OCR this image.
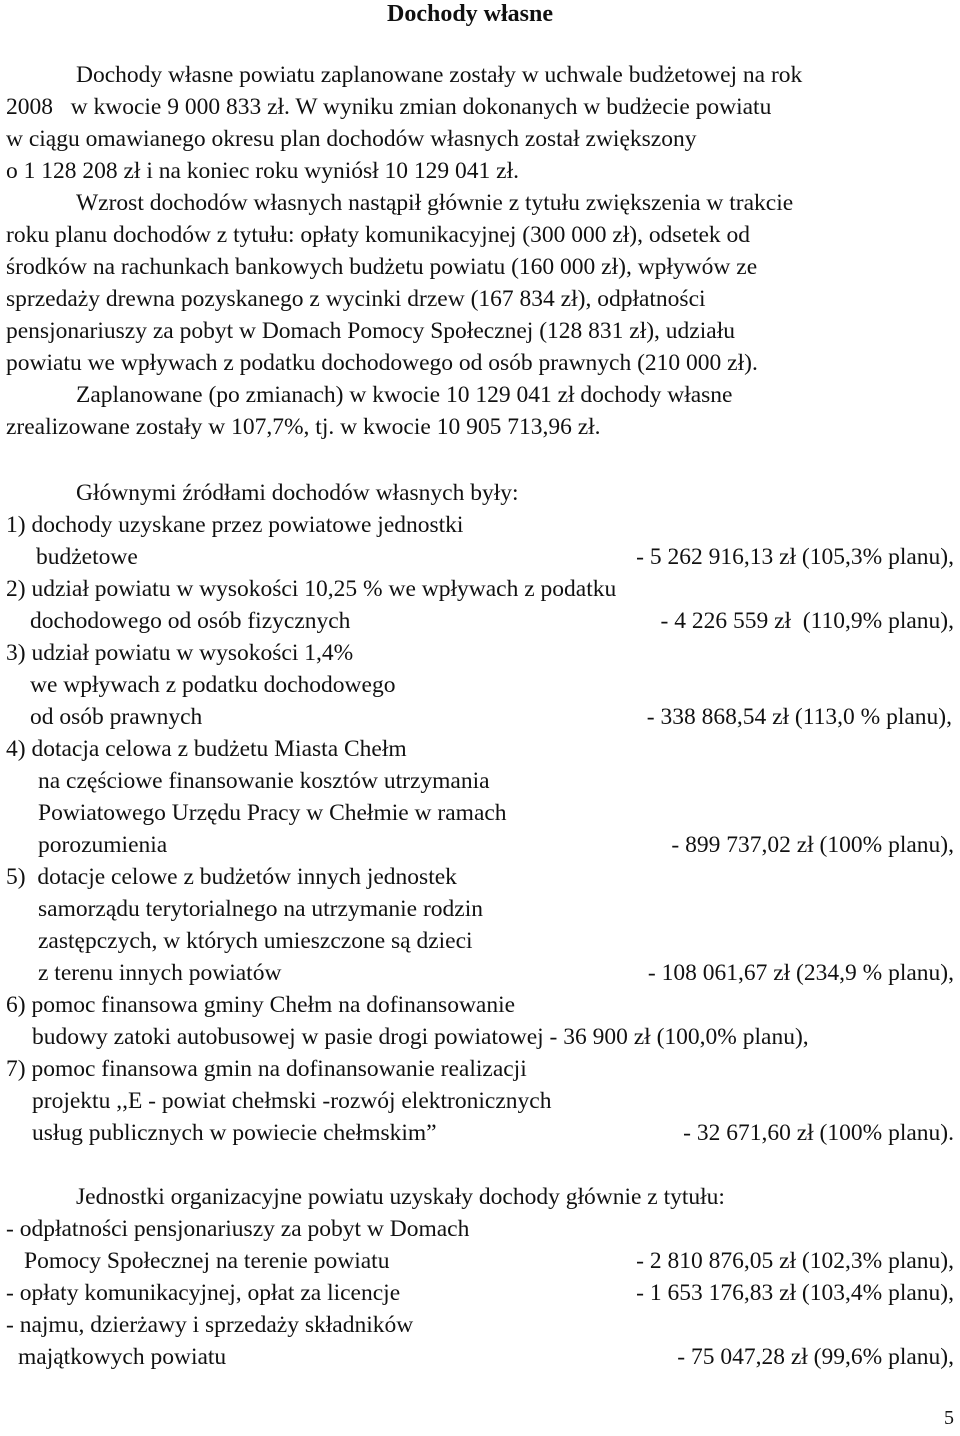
Dochody własne
Dochody własne powiatu zaplanowane zostały w uchwale budżetowej na rok
2008   w kwocie 9 000 833 zł. W wyniku zmian dokonanych w budżecie powiatu
w ciągu omawianego okresu plan dochodów własnych został zwiększony
o 1 128 208 zł i na koniec roku wyniósł 10 129 041 zł.
Wzrost dochodów własnych nastąpił głównie z tytułu zwiększenia w trakcie
roku planu dochodów z tytułu: opłaty komunikacyjnej (300 000 zł), odsetek od
środków na rachunkach bankowych budżetu powiatu (160 000 zł), wpływów ze
sprzedaży drewna pozyskanego z wycinki drzew (167 834 zł), odpłatności
pensjonariuszy za pobyt w Domach Pomocy Społecznej (128 831 zł), udziału
powiatu we wpływach z podatku dochodowego od osób prawnych (210 000 zł).
Zaplanowane (po zmianach) w kwocie 10 129 041 zł dochody własne
zrealizowane zostały w 107,7%, tj. w kwocie 10 905 713,96 zł.
Głównymi źródłami dochodów własnych były:
1) dochody uzyskane przez powiatowe jednostki
budżetowe	- 5 262 916,13 zł (105,3% planu),
2) udział powiatu w wysokości 10,25 % we wpływach z podatku
dochodowego od osób fizycznych	- 4 226 559 zł  (110,9% planu),
3) udział powiatu w wysokości 1,4%
we wpływach z podatku dochodowego
od osób prawnych	- 338 868,54 zł (113,0 % planu),
4) dotacja celowa z budżetu Miasta Chełm
na częściowe finansowanie kosztów utrzymania
Powiatowego Urzędu Pracy w Chełmie w ramach
porozumienia	- 899 737,02 zł (100% planu),
5)  dotacje celowe z budżetów innych jednostek
samorządu terytorialnego na utrzymanie rodzin
zastępczych, w których umieszczone są dzieci
z terenu innych powiatów	- 108 061,67 zł (234,9 % planu),
6) pomoc finansowa gminy Chełm na dofinansowanie
budowy zatoki autobusowej w pasie drogi powiatowej - 36 900 zł (100,0% planu),
7) pomoc finansowa gmin na dofinansowanie realizacji
projektu ,,E - powiat chełmski -rozwój elektronicznych
usług publicznych w powiecie chełmskim”	- 32 671,60 zł (100% planu).
Jednostki organizacyjne powiatu uzyskały dochody głównie z tytułu:
- odpłatności pensjonariuszy za pobyt w Domach
Pomocy Społecznej na terenie powiatu	- 2 810 876,05 zł (102,3% planu),
- opłaty komunikacyjnej, opłat za licencje	- 1 653 176,83 zł (103,4% planu),
- najmu, dzierżawy i sprzedaży składników
majątkowych powiatu	- 75 047,28 zł (99,6% planu),
5
